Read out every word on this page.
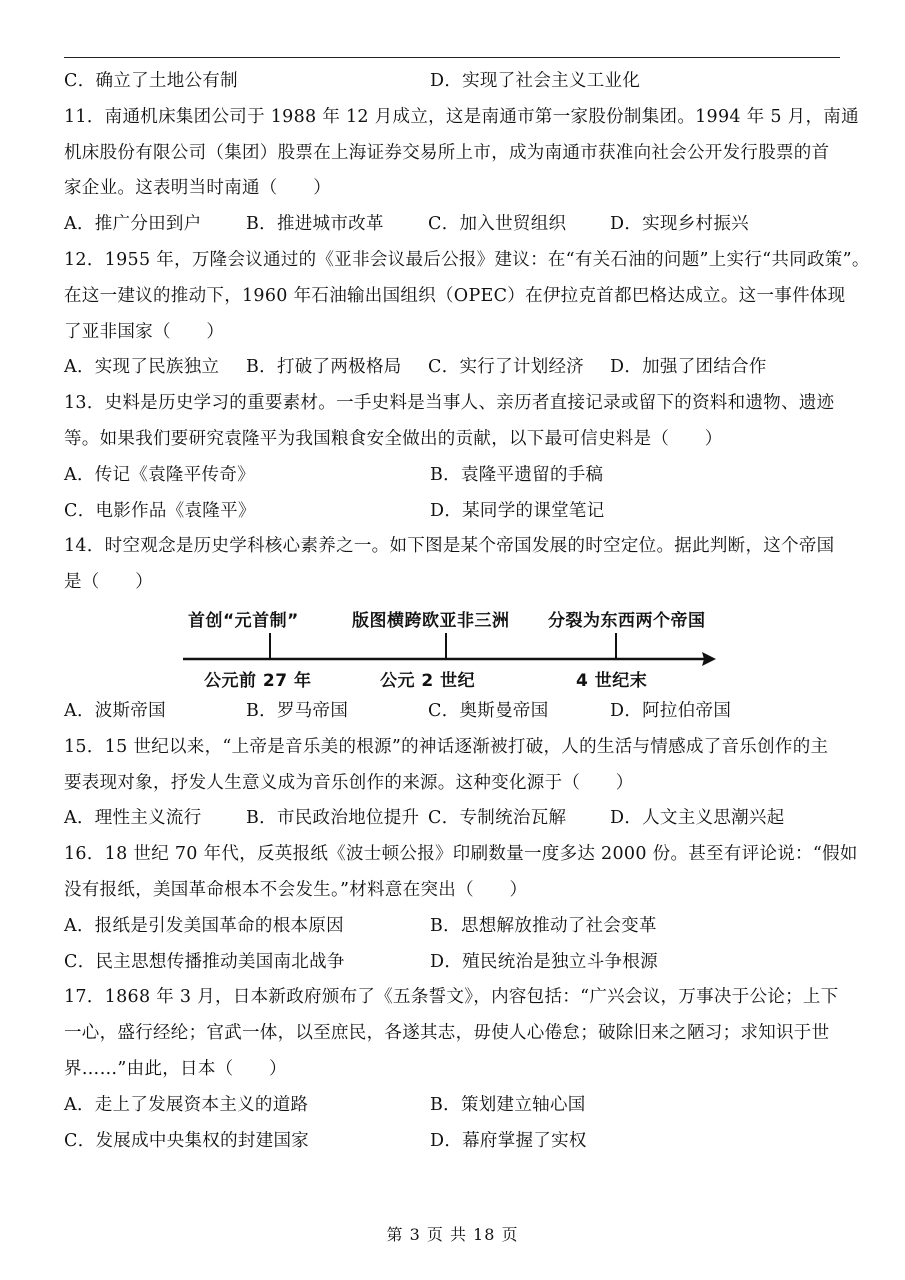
C．确立了土地公有制	D．实现了社会主义工业化
11．南通机床集团公司于 1988 年 12 月成立，这是南通市第一家股份制集团。1994 年 5 月，南通
机床股份有限公司（集团）股票在上海证券交易所上市，成为南通市获准向社会公开发行股票的首
家企业。这表明当时南通（　　）
A．推广分田到户	B．推进城市改革	C．加入世贸组织 D．实现乡村振兴
12．1955 年，万隆会议通过的《亚非会议最后公报》建议：在“有关石油的问题”上实行“共同政策”。
在这一建议的推动下，1960 年石油输出国组织（OPEC）在伊拉克首都巴格达成立。这一事件体现
了亚非国家（　　）
A．实现了民族独立 B．打破了两极格局 C．实行了计划经济 D．加强了团结合作
13．史料是历史学习的重要素材。一手史料是当事人、亲历者直接记录或留下的资料和遗物、遗迹
等。如果我们要研究袁隆平为我国粮食安全做出的贡献，以下最可信史料是（　　）
A．传记《袁隆平传奇》	B．袁隆平遗留的手稿
C．电影作品《袁隆平》	D．某同学的课堂笔记
14．时空观念是历史学科核心素养之一。如下图是某个帝国发展的时空定位。据此判断，这个帝国
是（　　）
首创“元首制”	版图横跨欧亚非三洲 分裂为东西两个帝国
公元前 27 年	公元 2 世纪	4 世纪末
A．波斯帝国	B．罗马帝国	C．奥斯曼帝国	D．阿拉伯帝国
15．15 世纪以来，“上帝是音乐美的根源”的神话逐渐被打破，人的生活与情感成了音乐创作的主
要表现对象，抒发人生意义成为音乐创作的来源。这种变化源于（　　）
A．理性主义流行	B．市民政治地位提升 C．专制统治瓦解 D．人文主义思潮兴起
16．18 世纪 70 年代，反英报纸《波士顿公报》印刷数量一度多达 2000 份。甚至有评论说：“假如
没有报纸，美国革命根本不会发生。”材料意在突出（　　）
A．报纸是引发美国革命的根本原因	B．思想解放推动了社会变革
C．民主思想传播推动美国南北战争	D．殖民统治是独立斗争根源
17．1868 年 3 月，日本新政府颁布了《五条誓文》，内容包括：“广兴会议，万事决于公论；上下
一心，盛行经纶；官武一体，以至庶民，各遂其志，毋使人心倦怠；破除旧来之陋习；求知识于世
界……”由此，日本（　　）
A．走上了发展资本主义的道路	B．策划建立轴心国
C．发展成中央集权的封建国家	D．幕府掌握了实权
第 3 页 共 18 页
